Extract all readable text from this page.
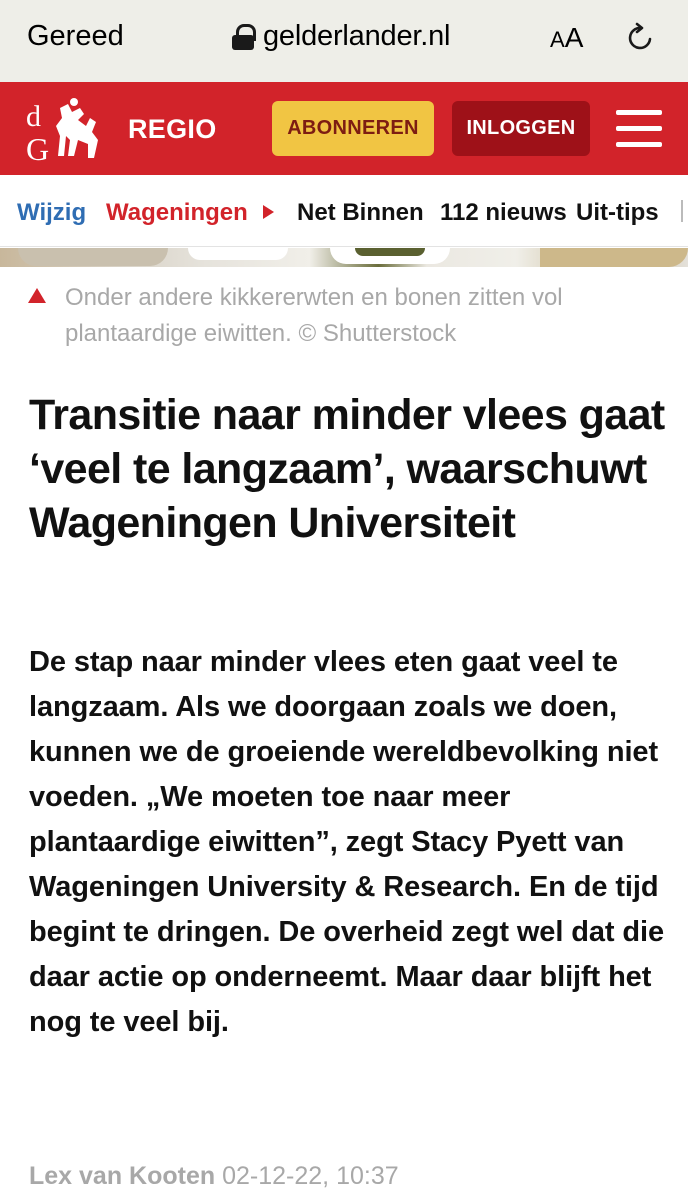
Gereed	gelderlander.nl	AA
d
G
REGIO	ABONNEREN	INLOGGEN
Wijzig Wageningen Net Binnen 112 nieuws Uit-tips
Onder andere kikkererwten en bonen zitten vol plantaardige eiwitten. © Shutterstock
Transitie naar minder vlees gaat ‘veel te langzaam’, waarschuwt Wageningen Universiteit

De stap naar minder vlees eten gaat veel te langzaam. Als we doorgaan zoals we doen, kunnen we de groeiende wereldbevolking niet voeden. „We moeten toe naar meer plantaardige eiwitten”, zegt Stacy Pyett van Wageningen University & Research. En de tijd begint te dringen. De overheid zegt wel dat die daar actie op onderneemt. Maar daar blijft het nog te veel bij.

Lex van Kooten 02-12-22, 10:37
